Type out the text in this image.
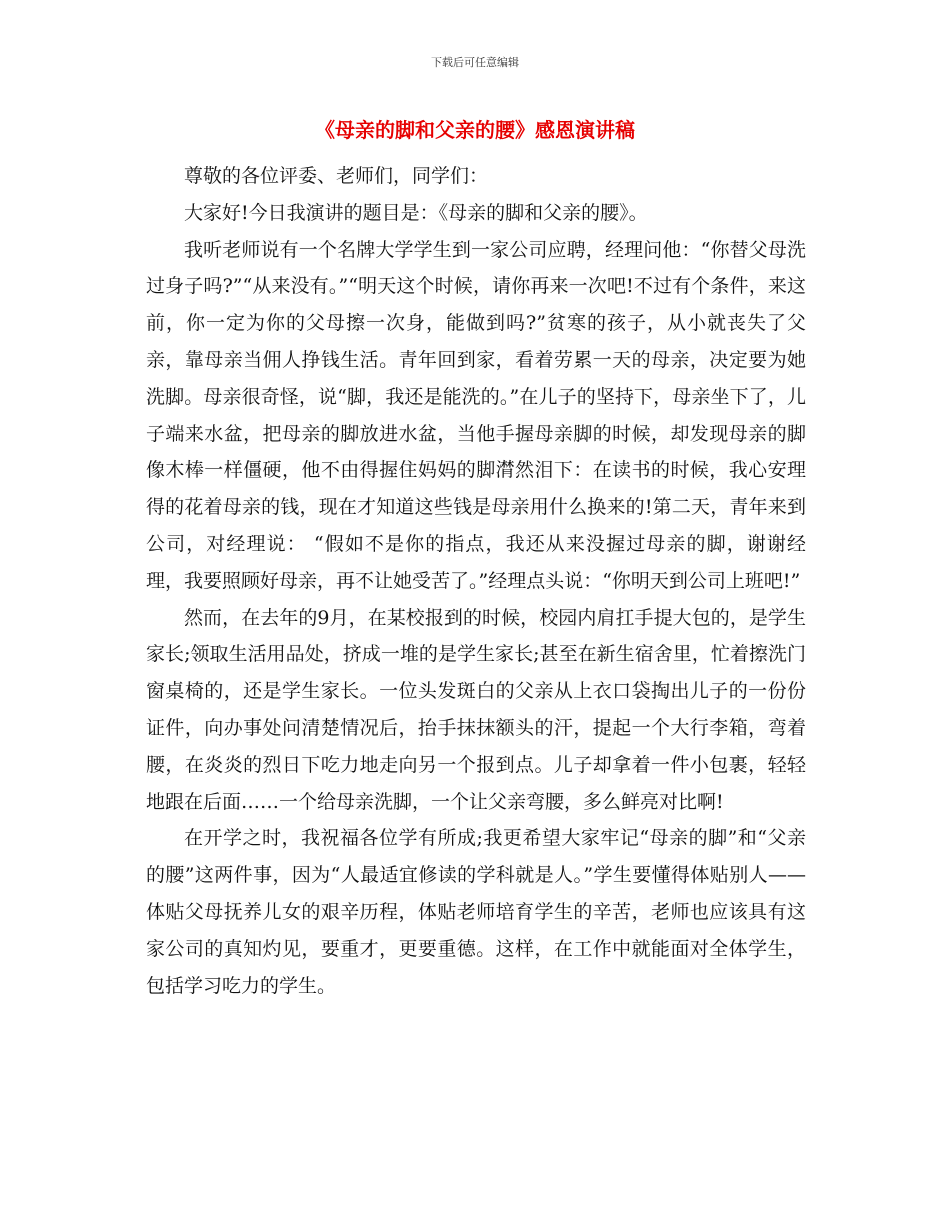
下载后可任意编辑
《母亲的脚和父亲的腰》感恩演讲稿

尊敬的各位评委、老师们，同学们：

大家好!今日我演讲的题目是：《母亲的脚和父亲的腰》。

我听老师说有一个名牌大学学生到一家公司应聘，经理问他：“你替父母洗过身子吗?”“从来没有。”“明天这个时候，请你再来一次吧!不过有个条件，来这前，你一定为你的父母擦一次身，能做到吗?”贫寒的孩子，从小就丧失了父亲，靠母亲当佣人挣钱生活。青年回到家，看着劳累一天的母亲，决定要为她洗脚。母亲很奇怪，说“脚，我还是能洗的。”在儿子的坚持下，母亲坐下了，儿子端来水盆，把母亲的脚放进水盆，当他手握母亲脚的时候，却发现母亲的脚像木棒一样僵硬，他不由得握住妈妈的脚潸然泪下：在读书的时候，我心安理得的花着母亲的钱，现在才知道这些钱是母亲用什么换来的!第二天，青年来到公司，对经理说： “假如不是你的指点，我还从来没握过母亲的脚，谢谢经理，我要照顾好母亲，再不让她受苦了。”经理点头说：“你明天到公司上班吧!”

然而，在去年的9月，在某校报到的时候，校园内肩扛手提大包的，是学生家长;领取生活用品处，挤成一堆的是学生家长;甚至在新生宿舍里，忙着擦洗门窗桌椅的，还是学生家长。一位头发斑白的父亲从上衣口袋掏出儿子的一份份证件，向办事处问清楚情况后，抬手抹抹额头的汗，提起一个大行李箱，弯着腰，在炎炎的烈日下吃力地走向另一个报到点。儿子却拿着一件小包裹，轻轻地跟在后面……一个给母亲洗脚，一个让父亲弯腰，多么鲜亮对比啊!

在开学之时，我祝福各位学有所成;我更希望大家牢记“母亲的脚”和“父亲的腰”这两件事，因为“人最适宜修读的学科就是人。”学生要懂得体贴别人——体贴父母抚养儿女的艰辛历程，体贴老师培育学生的辛苦，老师也应该具有这家公司的真知灼见，要重才，更要重德。这样，在工作中就能面对全体学生，包括学习吃力的学生。
